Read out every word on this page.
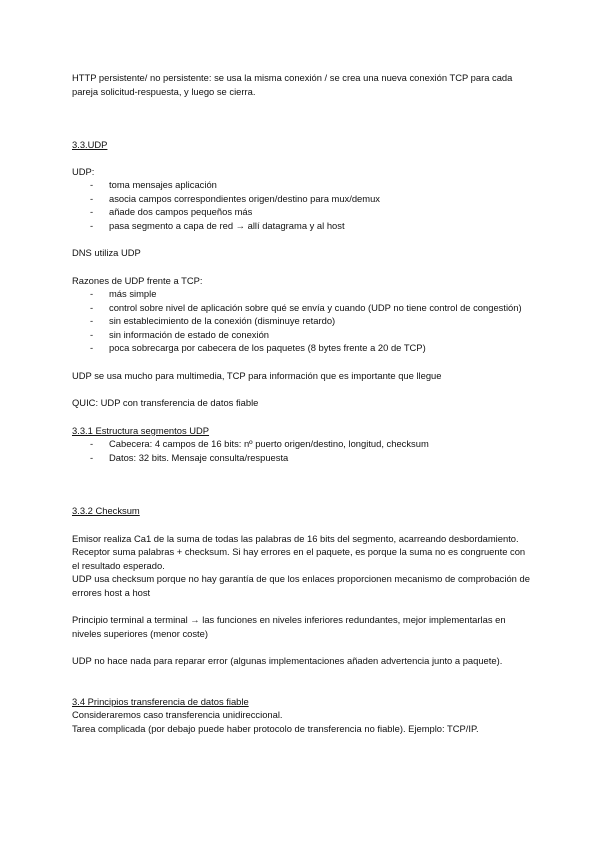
HTTP persistente/ no persistente: se usa la misma conexión / se crea una nueva conexión TCP para cada pareja solicitud-respuesta, y luego se cierra.

3.3.UDP

UDP:

- toma mensajes aplicación
- asocia campos correspondientes origen/destino para mux/demux
- añade dos campos pequeños más
- pasa segmento a capa de red → allí datagrama y al host

DNS utiliza UDP

Razones de UDP frente a TCP:

- más simple
- control sobre nivel de aplicación sobre qué se envía y cuando (UDP no tiene control de congestión)
- sin establecimiento de la conexión (disminuye retardo)
- sin información de estado de conexión
- poca sobrecarga por cabecera de los paquetes (8 bytes frente a 20 de TCP)

UDP se usa mucho para multimedia, TCP para información que es importante que llegue

QUIC: UDP con transferencia de datos fiable

3.3.1 Estructura segmentos UDP

- Cabecera: 4 campos de 16 bits: nº puerto origen/destino, longitud, checksum
- Datos: 32 bits. Mensaje consulta/respuesta

3.3.2 Checksum

Emisor realiza Ca1 de la suma de todas las palabras de 16 bits del segmento, acarreando desbordamiento.

Receptor suma palabras + checksum. Si hay errores en el paquete, es porque la suma no es congruente con el resultado esperado.

UDP usa checksum porque no hay garantía de que los enlaces proporcionen mecanismo de comprobación de errores host a host

Principio terminal a terminal → las funciones en niveles inferiores redundantes, mejor implementarlas en niveles superiores (menor coste)

UDP no hace nada para reparar error (algunas implementaciones añaden advertencia junto a paquete).

3.4 Principios transferencia de datos fiable

Consideraremos caso transferencia unidireccional.

Tarea complicada (por debajo puede haber protocolo de transferencia no fiable). Ejemplo: TCP/IP.
